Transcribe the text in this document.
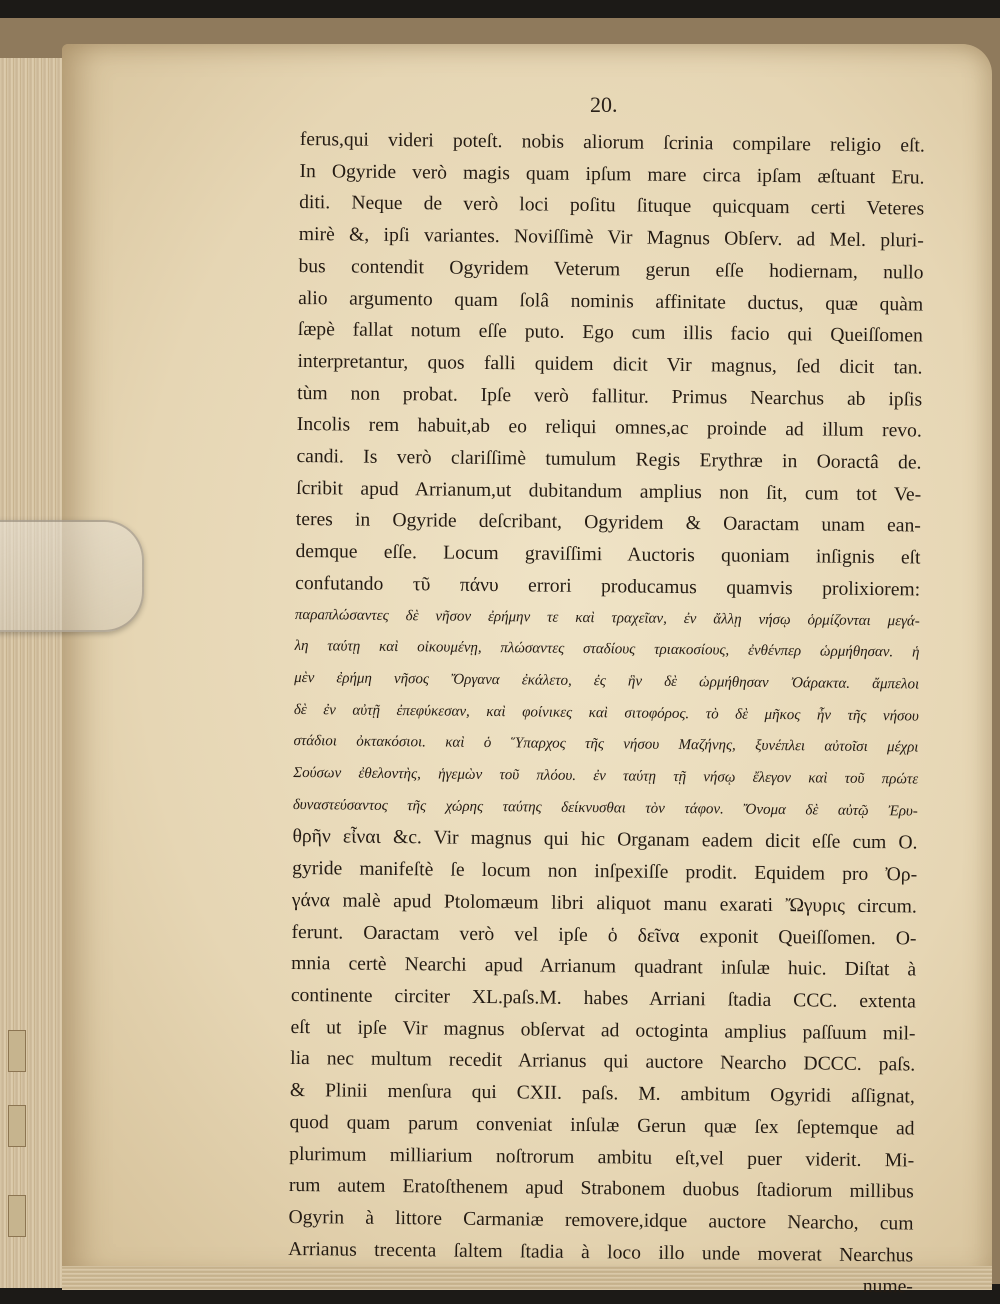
20.
ferus,qui videri poteſt. nobis aliorum ſcrinia compilare religio eſt.
In Ogyride verò magis quam ipſum mare circa ipſam æſtuant Eru.
diti. Neque de verò loci poſitu ſituque quicquam certi Veteres
mirè &, ipſi variantes. Noviſſimè Vir Magnus Obſerv. ad Mel. pluri-
bus contendit Ogyridem Veterum gerun eſſe hodiernam, nullo
alio argumento quam ſolâ nominis affinitate ductus, quæ quàm
ſæpè fallat notum eſſe puto. Ego cum illis facio qui Queiſſomen
interpretantur, quos falli quidem dicit Vir magnus, ſed dicit tan.
tùm non probat. Ipſe verò fallitur. Primus Nearchus ab ipſis
Incolis rem habuit,ab eo reliqui omnes,ac proinde ad illum revo.
candi. Is verò clariſſimè tumulum Regis Erythræ in Ooractâ de.
ſcribit apud Arrianum,ut dubitandum amplius non ſit, cum tot Ve-
teres in Ogyride deſcribant, Ogyridem & Oaractam unam ean-
demque eſſe. Locum graviſſimi Auctoris quoniam inſignis eſt
confutando τῦ πάνυ errori producamus quamvis prolixiorem:
παρaπλώσαντες δὲ νῆσον ἐρήμην τε καὶ τραχεῖαν, ἐν ἄλλῃ νήσῳ ὁρμίζονται μεγά-
λη ταύτῃ καὶ οἰκουμένῃ, πλώσαντες σταδίους τριακοσίους, ἐνθένπερ ὡρμήθησαν. ἡ
μὲν ἐρήμη νῆσος Ὄργανα ἐκάλετο, ἐς ἣν δὲ ὡρμήθησαν Ὀάρακτα. ἄμπελοι
δὲ ἐν αὐτῇ ἐπεφύκεσαν, καὶ φοίνικες καὶ σιτοφόρος. τὸ δὲ μῆκος ἦν τῆς νήσου
στάδιοι ὀκτακόσιοι. καὶ ὁ Ὕπαρχος τῆς νήσου Μαζήνης, ξυνέπλει αὐτοῖσι μέχρι
Σούσων ἐθελοντὴς, ἡγεμὼν τοῦ πλόου. ἐν ταύτῃ τῇ νήσῳ ἔλεγον καὶ τοῦ πρώτε
δυναστεύσαντος τῆς χώρης ταύτης δείκνυσθαι τὸν τάφον. Ὄνομα δὲ αὐτῷ Ἐρυ-
θρῆν εἶναι &c. Vir magnus qui hic Organam eadem dicit eſſe cum O.
gyride manifeſtè ſe locum non inſpexiſſe prodit. Equidem pro Ὀρ-
γάνα malè apud Ptolomæum libri aliquot manu exarati Ὤγυρις circum.
ferunt. Oaractam verò vel ipſe ὁ δεῖνα exponit Queiſſomen. O-
mnia certè Nearchi apud Arrianum quadrant inſulæ huic. Diſtat à
continente circiter XL.paſs.M. habes Arriani ſtadia CCC. extenta
eſt ut ipſe Vir magnus obſervat ad octoginta amplius paſſuum mil-
lia nec multum recedit Arrianus qui auctore Nearcho DCCC. paſs.
& Plinii menſura qui CXII. paſs. M. ambitum Ogyridi aſſignat,
quod quam parum conveniat inſulæ Gerun quæ ſex ſeptemque ad
plurimum milliarium noſtrorum ambitu eſt,vel puer viderit. Mi-
rum autem Eratoſthenem apud Strabonem duobus ſtadiorum millibus
Ogyrin à littore Carmaniæ removere,idque auctore Nearcho, cum
Arrianus trecenta ſaltem ſtadia à loco illo unde moverat Nearchus
nume-
